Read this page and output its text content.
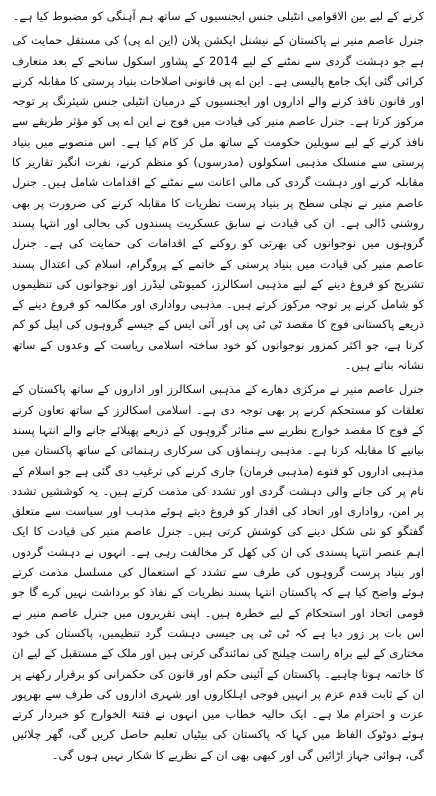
کرنے کے لیے بین الاقوامی انٹیلی جنس ایجنسیوں کے ساتھ ہم آہنگی کو مضبوط کیا ہے۔

جنرل عاصم منیر نے پاکستان کے نیشنل ایکشن پلان (این اے پی) کی مستقل حمایت کی ہے جو دہشت گردی سے نمٹنے کے لیے 2014 کے پشاور اسکول سانحے کے بعد متعارف کرائی گئی ایک جامع پالیسی ہے۔ این اے پی قانونی اصلاحات بنیاد پرستی کا مقابلہ کرنے اور قانون نافذ کرنے والے اداروں اور ایجنسیوں کے درمیان انٹیلی جنس شیئرنگ پر توجہ مرکوز کرتا ہے۔ جنرل عاصم منیر کی قیادت میں فوج نے این اے پی کو مؤثر طریقے سے نافذ کرنے کے لیے سویلین حکومت کے ساتھ مل کر کام کیا ہے۔ اس منصوبے میں بنیاد پرستی سے منسلک مذہبی اسکولوں (مدرسوں) کو منظم کرنے، نفرت انگیز تقاریر کا مقابلہ کرنے اور دہشت گردی کی مالی اعانت سے نمٹنے کے اقدامات شامل ہیں۔ جنرل عاصم منیر نے نچلی سطح پر بنیاد پرست نظریات کا مقابلہ کرنے کی ضرورت پر بھی روشنی ڈالی ہے۔ ان کی قیادت نے سابق عسکریت پسندوں کی بحالی اور انتہا پسند گروہوں میں نوجوانوں کی بھرتی کو روکنے کے اقدامات کی حمایت کی ہے۔ جنرل عاصم منیر کی قیادت میں بنیاد پرستی کے خاتمے کے پروگرام، اسلام کی اعتدال پسند تشریح کو فروغ دینے کے لیے مذہبی اسکالرز، کمیونٹی لیڈرز اور نوجوانوں کی تنظیموں کو شامل کرنے پر توجہ مرکوز کرتے ہیں۔ مذہبی رواداری اور مکالمہ کو فروغ دینے کے ذریعے پاکستانی فوج کا مقصد ٹی ٹی پی اور آئی ایس کے جیسے گروہوں کی اپیل کو کم کرنا ہے، جو اکثر کمزور نوجوانوں کو خود ساختہ اسلامی ریاست کے وعدوں کے ساتھ نشانہ بناتے ہیں۔

جنرل عاصم منیر نے مرکزی دھارے کے مذہبی اسکالرز اور اداروں کے ساتھ پاکستان کے تعلقات کو مستحکم کرنے پر بھی توجہ دی ہے۔ اسلامی اسکالرز کے ساتھ تعاون کرنے کے فوج کا مقصد خوارج نظریے سے متاثر گروہوں کے ذریعے پھیلائے جانے والے انتہا پسند بیانیے کا مقابلہ کرنا ہے۔ مذہبی رہنماؤں کی سرکاری رہنمائی کے ساتھ پاکستان میں مذہبی اداروں کو فتوے (مذہبی فرمان) جاری کرنے کی ترغیب دی گئی ہے جو اسلام کے نام پر کی جانے والی دہشت گردی اور تشدد کی مذمت کرتے ہیں۔ یہ کوششیں تشدد پر امن، رواداری اور اتحاد کی اقدار کو فروغ دیتے ہوئے مذہب اور سیاست سے متعلق گفتگو کو نئی شکل دینے کی کوشش کرتی ہیں۔ جنرل عاصم منیر کی قیادت کا ایک اہم عنصر انتہا پسندی کی ان کی کھل کر مخالفت رہی ہے۔ انہوں نے دہشت گردوں اور بنیاد پرست گروہوں کی طرف سے تشدد کے استعمال کی مسلسل مذمت کرتے ہوئے واضح کیا ہے کہ پاکستان انتہا پسند نظریات کے نفاذ کو برداشت نہیں کرے گا جو قومی اتحاد اور استحکام کے لیے خطرہ ہیں۔ اپنی تقریروں میں جنرل عاصم منیر نے اس بات پر زور دیا ہے کہ ٹی ٹی پی جیسی دہشت گرد تنظیمیں، پاکستان کی خود مختاری کے لیے براہ راست چیلنج کی نمائندگی کرتی ہیں اور ملک کے مستقبل کے لیے ان کا خاتمہ ہونا چاہیے۔ پاکستان کے آئینی حکم اور قانون کی حکمرانی کو برقرار رکھنے پر ان کے ثابت قدم عزم پر انہیں فوجی اہلکاروں اور شہری اداروں کی طرف سے بھرپور عزت و احترام ملا ہے۔ ایک حالیہ خطاب میں انہوں نے فتنۃ الخوارج کو خبردار کرتے ہوئے دوٹوک الفاظ میں کہا کہ پاکستان کی بیٹیاں تعلیم حاصل کریں گی، گھر چلائیں گی، ہوائی جہاز اڑائیں گی اور کبھی بھی ان کے نظریے کا شکار نہیں ہوں گی۔
